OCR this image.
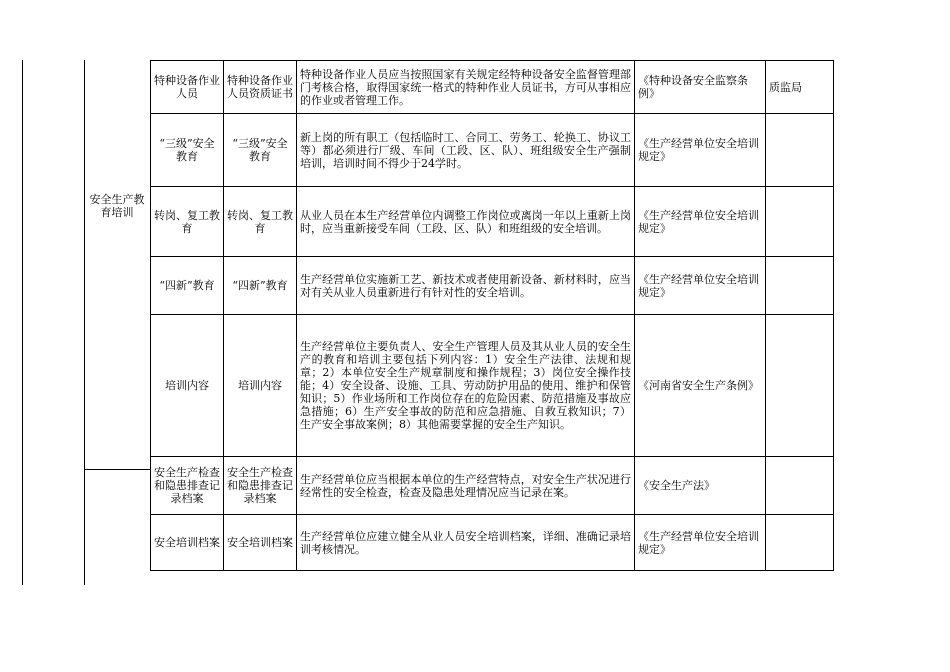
安全生产教育培训
特种设备作业人员	特种设备作业人员资质证书	特种设备作业人员应当按照国家有关规定经特种设备安全监督管理部门考核合格，取得国家统一格式的特种作业人员证书，方可从事相应的作业或者管理工作。	《特种设备安全监察条例》	质监局
“三级”安全教育	“三级”安全教育	新上岗的所有职工（包括临时工、合同工、劳务工、轮换工、协议工等）都必须进行厂级、车间（工段、区、队）、班组级安全生产强制培训，培训时间不得少于24学时。	《生产经营单位安全培训规定》	
转岗、复工教育	转岗、复工教育	从业人员在本生产经营单位内调整工作岗位或离岗一年以上重新上岗时，应当重新接受车间（工段、区、队）和班组级的安全培训。	《生产经营单位安全培训规定》	
“四新”教育	“四新”教育	生产经营单位实施新工艺、新技术或者使用新设备、新材料时，应当对有关从业人员重新进行有针对性的安全培训。	《生产经营单位安全培训规定》	
培训内容	培训内容	生产经营单位主要负责人、安全生产管理人员及其从业人员的安全生产的教育和培训主要包括下列内容：1）安全生产法律、法规和规章；2）本单位安全生产规章制度和操作规程；3）岗位安全操作技能；4）安全设备、设施、工具、劳动防护用品的使用、维护和保管知识；5）作业场所和工作岗位存在的危险因素、防范措施及事故应急措施；6）生产安全事故的防范和应急措施、自救互救知识；7）生产安全事故案例；8）其他需要掌握的安全生产知识。	《河南省安全生产条例》	
安全生产检查和隐患排查记录档案	安全生产检查和隐患排查记录档案	生产经营单位应当根据本单位的生产经营特点，对安全生产状况进行经常性的安全检查，检查及隐患处理情况应当记录在案。	《安全生产法》	
安全培训档案	安全培训档案	生产经营单位应建立健全从业人员安全培训档案，详细、准确记录培训考核情况。	《生产经营单位安全培训规定》	
